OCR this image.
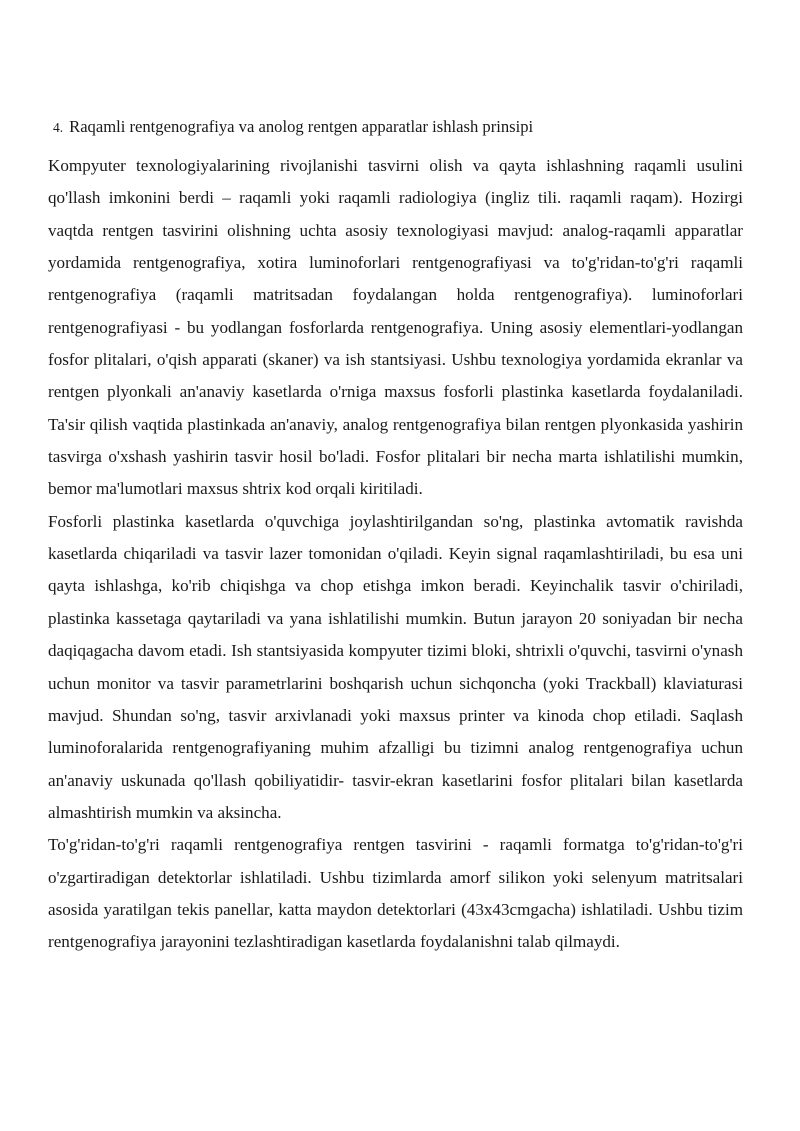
4. Raqamli rentgenografiya va anolog rentgen apparatlar ishlash prinsipi

Kompyuter texnologiyalarining rivojlanishi tasvirni olish va qayta ishlashning raqamli usulini qo'llash imkonini berdi – raqamli yoki raqamli radiologiya (ingliz tili. raqamli raqam). Hozirgi vaqtda rentgen tasvirini olishning uchta asosiy texnologiyasi mavjud: analog-raqamli apparatlar yordamida rentgenografiya, xotira luminoforlari rentgenografiyasi va to'g'ridan-to'g'ri raqamli rentgenografiya (raqamli matritsadan foydalangan holda rentgenografiya). luminoforlari rentgenografiyasi - bu yodlangan fosforlarda rentgenografiya. Uning asosiy elementlari-yodlangan fosfor plitalari, o'qish apparati (skaner) va ish stantsiyasi. Ushbu texnologiya yordamida ekranlar va rentgen plyonkali an'anaviy kasetlarda o'rniga maxsus fosforli plastinka kasetlarda foydalaniladi. Ta'sir qilish vaqtida plastinkada an'anaviy, analog rentgenografiya bilan rentgen plyonkasida yashirin tasvirga o'xshash yashirin tasvir hosil bo'ladi. Fosfor plitalari bir necha marta ishlatilishi mumkin, bemor ma'lumotlari maxsus shtrix kod orqali kiritiladi.

Fosforli plastinka kasetlarda o'quvchiga joylashtirilgandan so'ng, plastinka avtomatik ravishda kasetlarda chiqariladi va tasvir lazer tomonidan o'qiladi. Keyin signal raqamlashtiriladi, bu esa uni qayta ishlashga, ko'rib chiqishga va chop etishga imkon beradi. Keyinchalik tasvir o'chiriladi, plastinka kassetaga qaytariladi va yana ishlatilishi mumkin. Butun jarayon 20 soniyadan bir necha daqiqagacha davom etadi. Ish stantsiyasida kompyuter tizimi bloki, shtrixli o'quvchi, tasvirni o'ynash uchun monitor va tasvir parametrlarini boshqarish uchun sichqoncha (yoki Trackball) klaviaturasi mavjud. Shundan so'ng, tasvir arxivlanadi yoki maxsus printer va kinoda chop etiladi. Saqlash luminoforalarida rentgenografiyaning muhim afzalligi bu tizimni analog rentgenografiya uchun an'anaviy uskunada qo'llash qobiliyatidir- tasvir-ekran kasetlarini fosfor plitalari bilan kasetlarda almashtirish mumkin va aksincha.

To'g'ridan-to'g'ri raqamli rentgenografiya rentgen tasvirini - raqamli formatga to'g'ridan-to'g'ri o'zgartiradigan detektorlar ishlatiladi. Ushbu tizimlarda amorf silikon yoki selenyum matritsalari asosida yaratilgan tekis panellar, katta maydon detektorlari (43x43cmgacha) ishlatiladi. Ushbu tizim rentgenografiya jarayonini tezlashtiradigan kasetlarda foydalanishni talab qilmaydi.
